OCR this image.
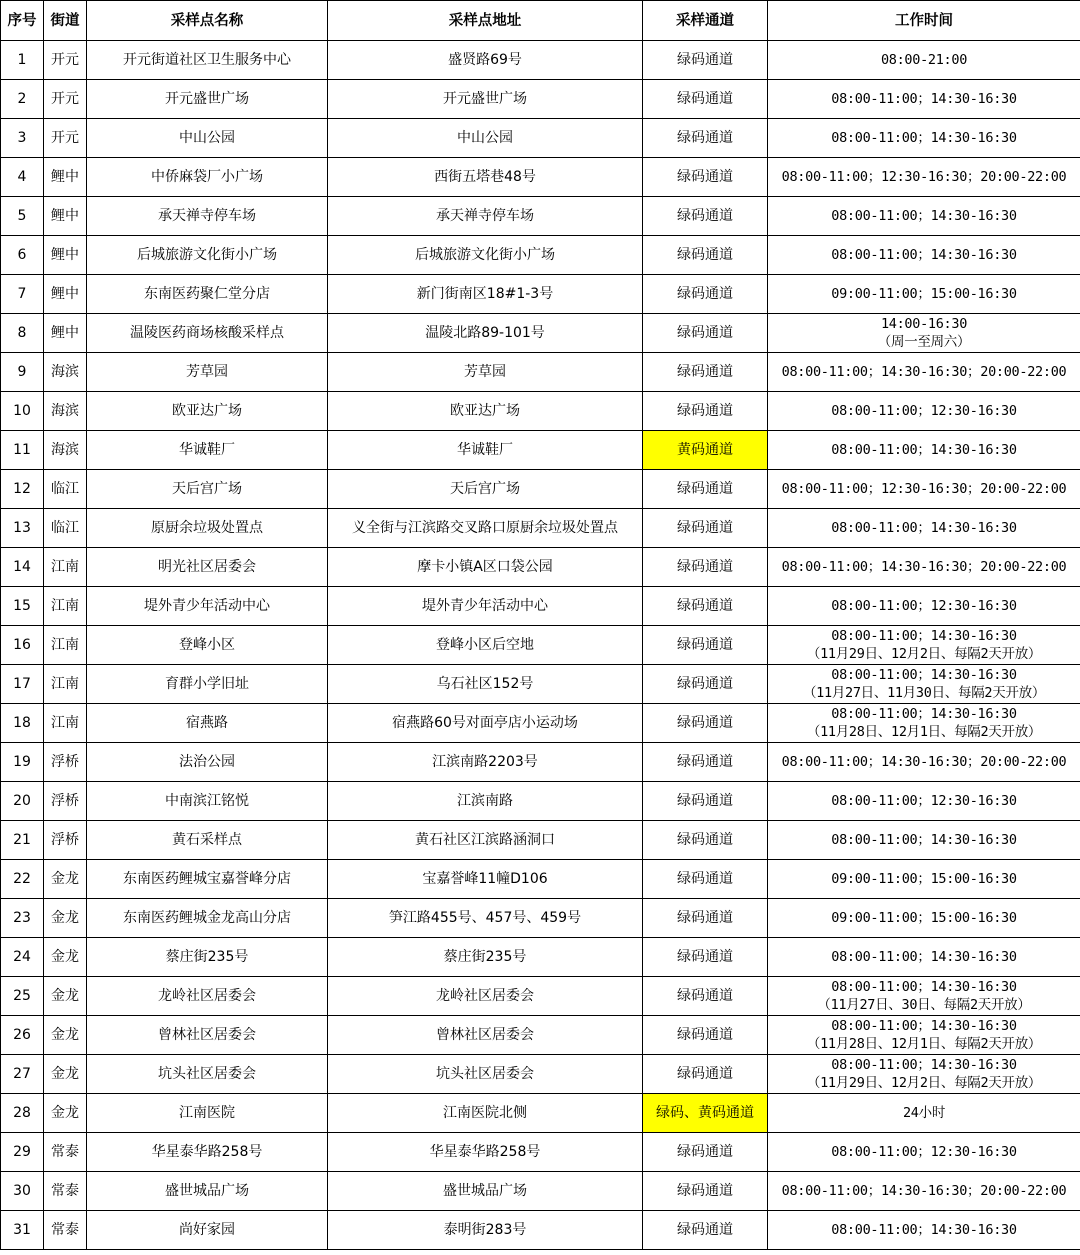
序号	街道	采样点名称	采样点地址	采样通道	工作时间
1	开元	开元街道社区卫生服务中心	盛贤路69号	绿码通道	08:00-21:00

2	开元	开元盛世广场	开元盛世广场	绿码通道	08:00-11:00；14:30-16:30

3	开元	中山公园	中山公园	绿码通道	08:00-11:00；14:30-16:30

4	鲤中	中侨麻袋厂小广场	西街五塔巷48号	绿码通道	08:00-11:00；12:30-16:30；20:00-22:00

5	鲤中	承天禅寺停车场	承天禅寺停车场	绿码通道	08:00-11:00；14:30-16:30

6	鲤中	后城旅游文化街小广场	后城旅游文化街小广场	绿码通道	08:00-11:00；14:30-16:30

7	鲤中	东南医药聚仁堂分店	新门街南区18#1-3号	绿码通道	09:00-11:00；15:00-16:30

8	鲤中	温陵医药商场核酸采样点	温陵北路89-101号	绿码通道	14:00-16:30
（周一至周六）

9	海滨	芳草园	芳草园	绿码通道	08:00-11:00；14:30-16:30；20:00-22:00

10	海滨	欧亚达广场	欧亚达广场	绿码通道	08:00-11:00；12:30-16:30

11	海滨	华诚鞋厂	华诚鞋厂	黄码通道	08:00-11:00；14:30-16:30

12	临江	天后宫广场	天后宫广场	绿码通道	08:00-11:00；12:30-16:30；20:00-22:00

13	临江	原厨余垃圾处置点	义全街与江滨路交叉路口原厨余垃圾处置点	绿码通道	08:00-11:00；14:30-16:30

14	江南	明光社区居委会	摩卡小镇A区口袋公园	绿码通道	08:00-11:00；14:30-16:30；20:00-22:00

15	江南	堤外青少年活动中心	堤外青少年活动中心	绿码通道	08:00-11:00；12:30-16:30

16	江南	登峰小区	登峰小区后空地	绿码通道	08:00-11:00；14:30-16:30
（11月29日、12月2日、每隔2天开放）

17	江南	育群小学旧址	乌石社区152号	绿码通道	08:00-11:00；14:30-16:30
（11月27日、11月30日、每隔2天开放）

18	江南	宿燕路	宿燕路60号对面亭店小运动场	绿码通道	08:00-11:00；14:30-16:30
（11月28日、12月1日、每隔2天开放）

19	浮桥	法治公园	江滨南路2203号	绿码通道	08:00-11:00；14:30-16:30；20:00-22:00

20	浮桥	中南滨江铭悦	江滨南路	绿码通道	08:00-11:00；12:30-16:30

21	浮桥	黄石采样点	黄石社区江滨路涵洞口	绿码通道	08:00-11:00；14:30-16:30

22	金龙	东南医药鲤城宝嘉誉峰分店	宝嘉誉峰11幢D106	绿码通道	09:00-11:00；15:00-16:30

23	金龙	东南医药鲤城金龙高山分店	笋江路455号、457号、459号	绿码通道	09:00-11:00；15:00-16:30

24	金龙	蔡庄街235号	蔡庄街235号	绿码通道	08:00-11:00；14:30-16:30

25	金龙	龙岭社区居委会	龙岭社区居委会	绿码通道	08:00-11:00；14:30-16:30
（11月27日、30日、每隔2天开放）

26	金龙	曾林社区居委会	曾林社区居委会	绿码通道	08:00-11:00；14:30-16:30
（11月28日、12月1日、每隔2天开放）

27	金龙	坑头社区居委会	坑头社区居委会	绿码通道	08:00-11:00；14:30-16:30
（11月29日、12月2日、每隔2天开放）

28	金龙	江南医院	江南医院北侧	绿码、黄码通道	24小时

29	常泰	华星泰华路258号	华星泰华路258号	绿码通道	08:00-11:00；12:30-16:30

30	常泰	盛世城品广场	盛世城品广场	绿码通道	08:00-11:00；14:30-16:30；20:00-22:00

31	常泰	尚好家园	泰明街283号	绿码通道	08:00-11:00；14:30-16:30
